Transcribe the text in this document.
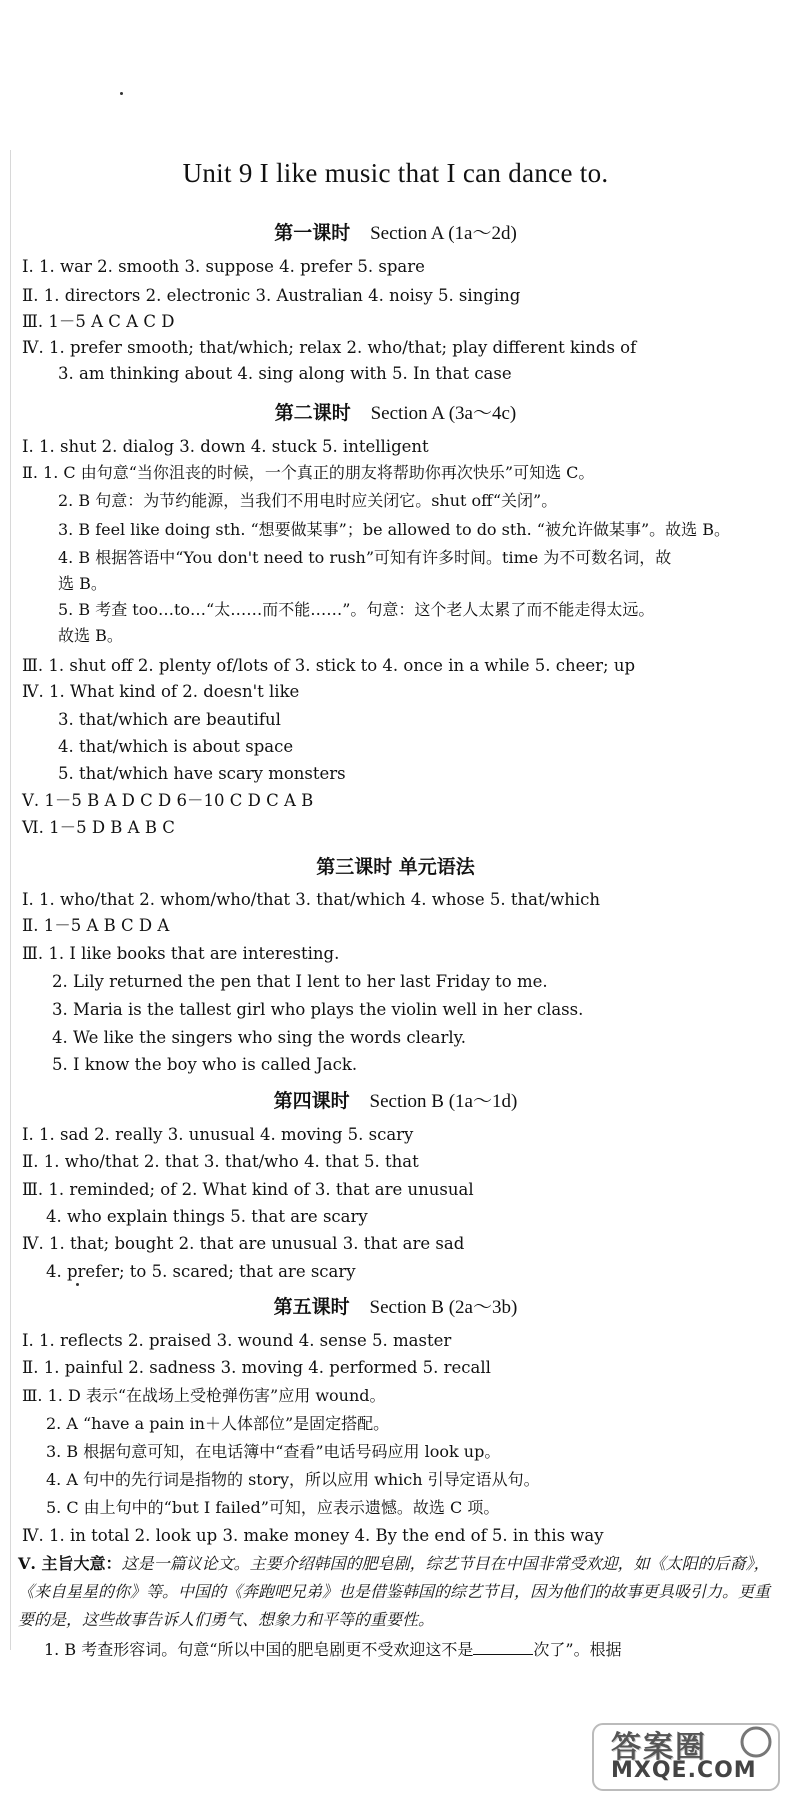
Unit 9 I like music that I can dance to.
第一课时 Section A (1a～2d)
Ⅰ. 1. war 2. smooth 3. suppose 4. prefer 5. spare
Ⅱ. 1. directors 2. electronic 3. Australian 4. noisy 5. singing
Ⅲ. 1－5 A C A C D
Ⅳ. 1. prefer smooth; that/which; relax 2. who/that; play different kinds of
3. am thinking about 4. sing along with 5. In that case
第二课时 Section A (3a～4c)
Ⅰ. 1. shut 2. dialog 3. down 4. stuck 5. intelligent
Ⅱ. 1. C 由句意“当你沮丧的时候，一个真正的朋友将帮助你再次快乐”可知选 C。
2. B 句意：为节约能源，当我们不用电时应关闭它。shut off“关闭”。
3. B feel like doing sth. “想要做某事”；be allowed to do sth. “被允许做某事”。故选 B。
4. B 根据答语中“You don't need to rush”可知有许多时间。time 为不可数名词，故
选 B。
5. B 考查 too…to…“太……而不能……”。句意：这个老人太累了而不能走得太远。
故选 B。
Ⅲ. 1. shut off 2. plenty of/lots of 3. stick to 4. once in a while 5. cheer; up
Ⅳ. 1. What kind of 2. doesn't like
3. that/which are beautiful
4. that/which is about space
5. that/which have scary monsters
Ⅴ. 1－5 B A D C D 6－10 C D C A B
Ⅵ. 1－5 D B A B C
第三课时 单元语法
Ⅰ. 1. who/that 2. whom/who/that 3. that/which 4. whose 5. that/which
Ⅱ. 1－5 A B C D A
Ⅲ. 1. I like books that are interesting.
2. Lily returned the pen that I lent to her last Friday to me.
3. Maria is the tallest girl who plays the violin well in her class.
4. We like the singers who sing the words clearly.
5. I know the boy who is called Jack.
第四课时 Section B (1a～1d)
Ⅰ. 1. sad 2. really 3. unusual 4. moving 5. scary
Ⅱ. 1. who/that 2. that 3. that/who 4. that 5. that
Ⅲ. 1. reminded; of 2. What kind of 3. that are unusual
4. who explain things 5. that are scary
Ⅳ. 1. that; bought 2. that are unusual 3. that are sad
4. prefer; to 5. scared; that are scary
第五课时 Section B (2a～3b)
Ⅰ. 1. reflects 2. praised 3. wound 4. sense 5. master
Ⅱ. 1. painful 2. sadness 3. moving 4. performed 5. recall
Ⅲ. 1. D 表示“在战场上受枪弹伤害”应用 wound。
2. A “have a pain in＋人体部位”是固定搭配。
3. B 根据句意可知，在电话簿中“查看”电话号码应用 look up。
4. A 句中的先行词是指物的 story，所以应用 which 引导定语从句。
5. C 由上句中的“but I failed”可知，应表示遗憾。故选 C 项。
Ⅳ. 1. in total 2. look up 3. make money 4. By the end of 5. in this way
Ⅴ. 主旨大意：这是一篇议论文。主要介绍韩国的肥皂剧，综艺节目在中国非常受欢迎，如《太阳的后裔》，《来自星星的你》等。中国的《奔跑吧兄弟》也是借鉴韩国的综艺节目，因为他们的故事更具吸引力。更重要的是，这些故事告诉人们勇气、想象力和平等的重要性。
1. B 考查形容词。句意“所以中国的肥皂剧更不受欢迎这不是	次了”。根据
答案圈
MXQE.COM
